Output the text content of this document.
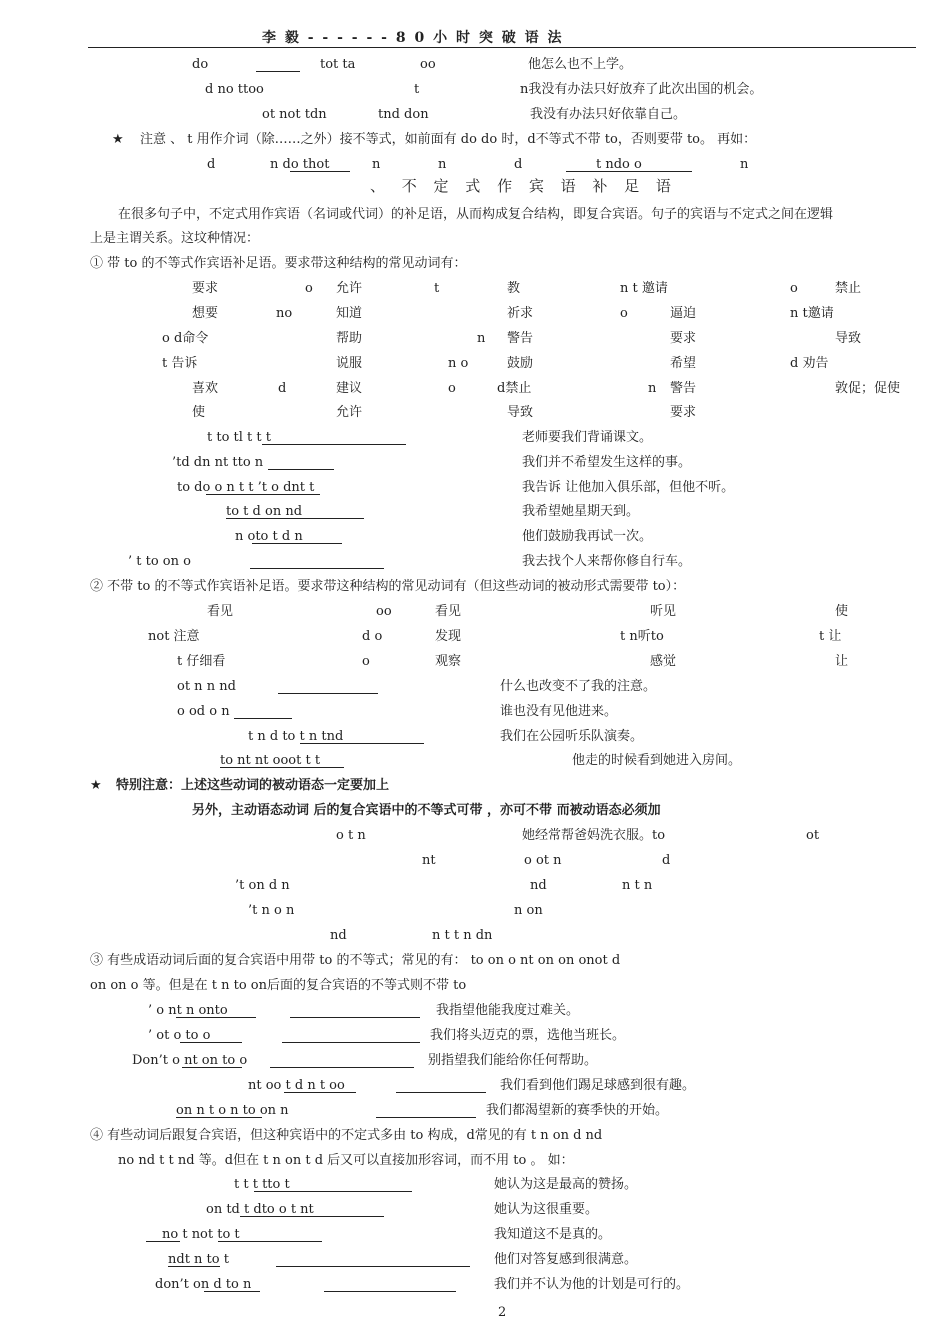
李 毅 - - - - - - 8 0 小 时 突 破 语 法
do	tot ta	oo	他怎么也不上学。
d no ttoo	t	n我没有办法只好放弃了此次出国的机会。
ot not tdn	tnd don	我没有办法只好依靠自己。
★ 注意 、 t 用作介词（除……之外）接不等式，如前面有 do do 时，d不等式不带 to，否则要带 to。 再如：
d	n do thot	n	n	d	t ndo o	n
、 不 定 式 作 宾 语 补 足 语
在很多句子中，不定式用作宾语（名词或代词）的补足语，从而构成复合结构，即复合宾语。句子的宾语与不定式之间在逻辑
上是主谓关系。这坟种情况：
① 带 to 的不等式作宾语补足语。要求带这种结构的常见动词有：
要求	o 允许	t	教	n t 邀请	o	禁止
想要	no	知道	祈求	o	逼迫	n t邀请
o d命令	帮助	n 警告	要求	导致
t 告诉	说服	n o	鼓励	希望	d 劝告
喜欢	d	建议	o	d禁止	n 警告	敦促；促使
使	允许	导致	要求
t to tl t t t	老师要我们背诵课文。
’td dn nt tto n	我们并不希望发生这样的事。
to do o n t t ’t o dnt t	我告诉 让他加入俱乐部，但他不听。
to t d on nd	我希望她星期天到。
n oto t d n	他们鼓励我再试一次。
’ t to on o	我去找个人来帮你修自行车。
② 不带 to 的不等式作宾语补足语。要求带这种结构的常见动词有（但这些动词的被动形式需要带 to）：
看见	oo	看见	听见	使
not 注意	d o	发现	t n听to	t 让
t 仔细看	o	观察	感觉	让
ot n n nd	什么也改变不了我的注意。
o od o n	谁也没有见他进来。
t n d to t n tnd	我们在公园听乐队演奏。
to nt nt ooot t t	他走的时候看到她进入房间。
★ 特别注意：上述这些动词的被动语态一定要加上
另外，主动语态动词 后的复合宾语中的不等式可带 ，亦可不带 而被动语态必须加
o t n	她经常帮爸妈洗衣服。to	ot
nt	o ot n	d
’t on d n	nd	n t n
’t n o n	n on
nd	n t t n dn
③ 有些成语动词后面的复合宾语中用带 to 的不等式；常见的有： to on o nt on on onot d
on on o 等。但是在 t n to on后面的复合宾语的不等式则不带 to
’ o nt n onto	我指望他能我度过难关。
’ ot o to o	我们将头迈克的票，选他当班长。
Don’t o nt on to o	别指望我们能给你任何帮助。
nt oo t d n t oo	我们看到他们踢足球感到很有趣。
on n t o n to on n	我们都渴望新的赛季快的开始。
④ 有些动词后跟复合宾语，但这种宾语中的不定式多由 to 构成，d常见的有 t n on d nd
no nd t t nd 等。d但在 t n on t d 后又可以直接加形容词，而不用 to 。 如：
t t t tto t	她认为这是最高的赞扬。
on td t dto o t nt	她认为这很重要。
no t not to t	我知道这不是真的。
ndt n to t	他们对答复感到很满意。
don’t on d to n	我们并不认为他的计划是可行的。
2
